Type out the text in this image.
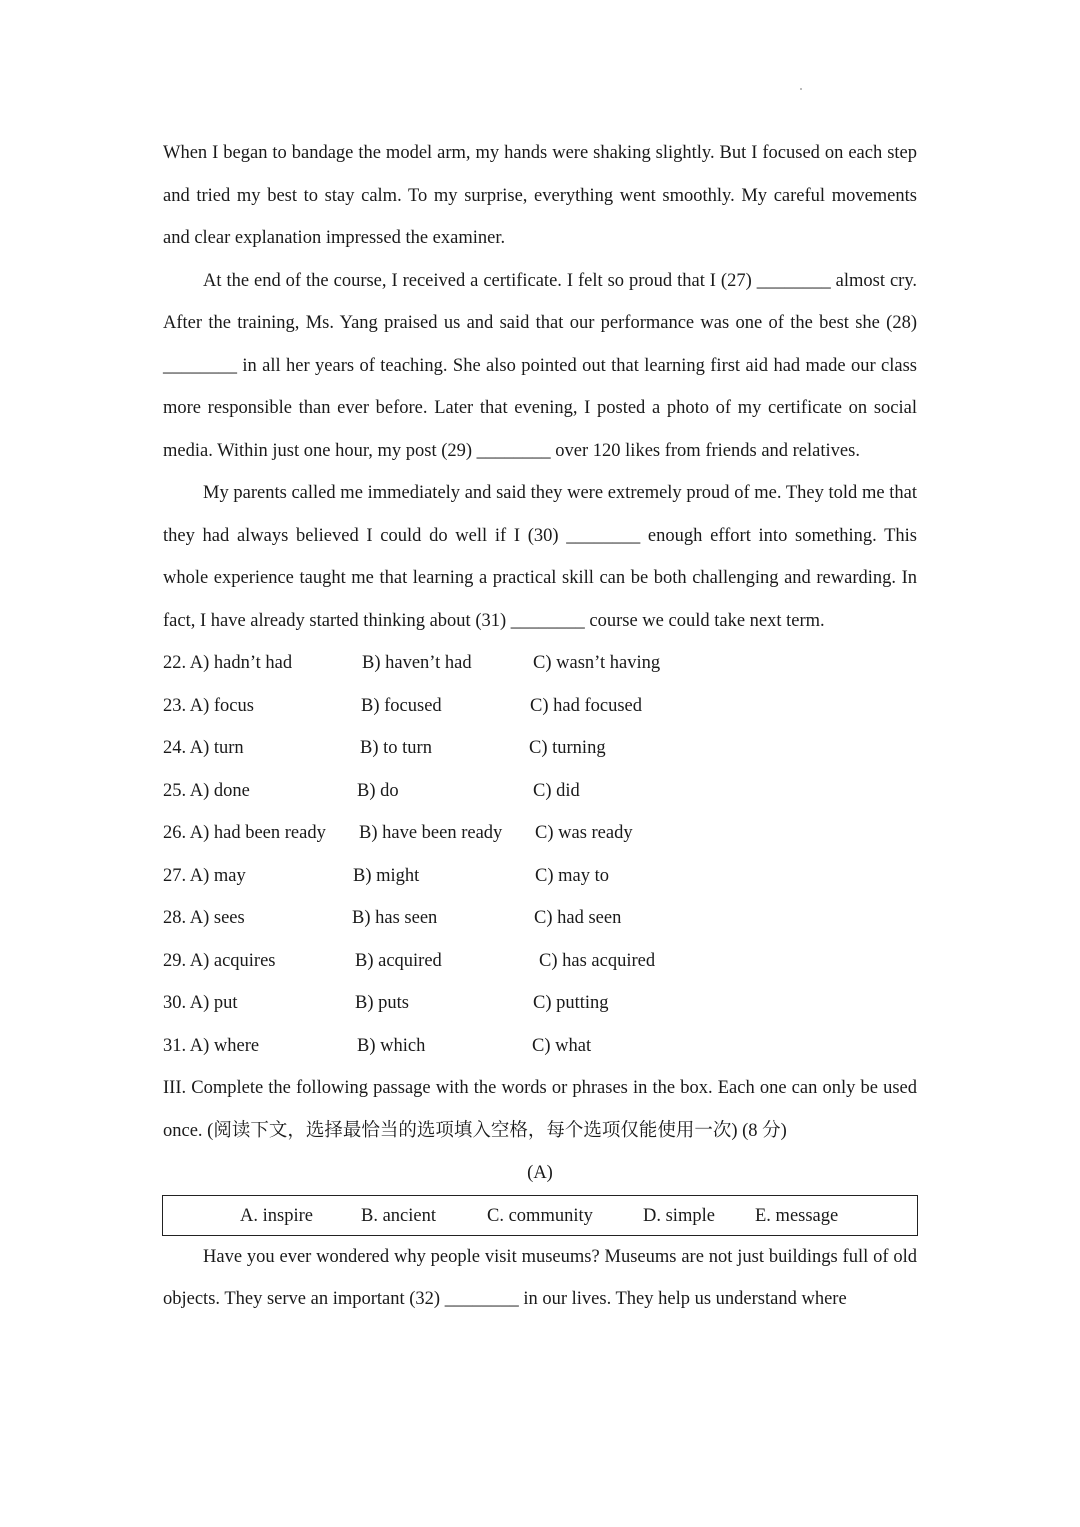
When I began to bandage the model arm, my hands were shaking slightly. But I focused on each step and tried my best to stay calm. To my surprise, everything went smoothly. My careful movements and clear explanation impressed the examiner.

At the end of the course, I received a certificate. I felt so proud that I (27) ________ almost cry. After the training, Ms. Yang praised us and said that our performance was one of the best she (28) ________ in all her years of teaching. She also pointed out that learning first aid had made our class more responsible than ever before. Later that evening, I posted a photo of my certificate on social media. Within just one hour, my post (29) ________ over 120 likes from friends and relatives.

My parents called me immediately and said they were extremely proud of me. They told me that they had always believed I could do well if I (30) ________ enough effort into something. This whole experience taught me that learning a practical skill can be both challenging and rewarding. In fact, I have already started thinking about (31) ________ course we could take next term.

22. A) hadn’t had	B) haven’t had	C) wasn’t having
23. A) focus	B) focused	C) had focused
24. A) turn	B) to turn	C) turning
25. A) done	B) do	C) did
26. A) had been ready B) have been ready C) was ready
27. A) may	B) might	C) may to
28. A) sees	B) has seen	C) had seen
29. A) acquires	B) acquired	C) has acquired
30. A) put	B) puts	C) putting
31. A) where	B) which	C) what

III. Complete the following passage with the words or phrases in the box. Each one can only be used once. (阅读下文，选择最恰当的选项填入空格，每个选项仅能使用一次) (8 分)

(A)
A. inspire	B. ancient	C. community	D. simple E. message

Have you ever wondered why people visit museums? Museums are not just buildings full of old objects. They serve an important (32) ________ in our lives. They help us understand where
